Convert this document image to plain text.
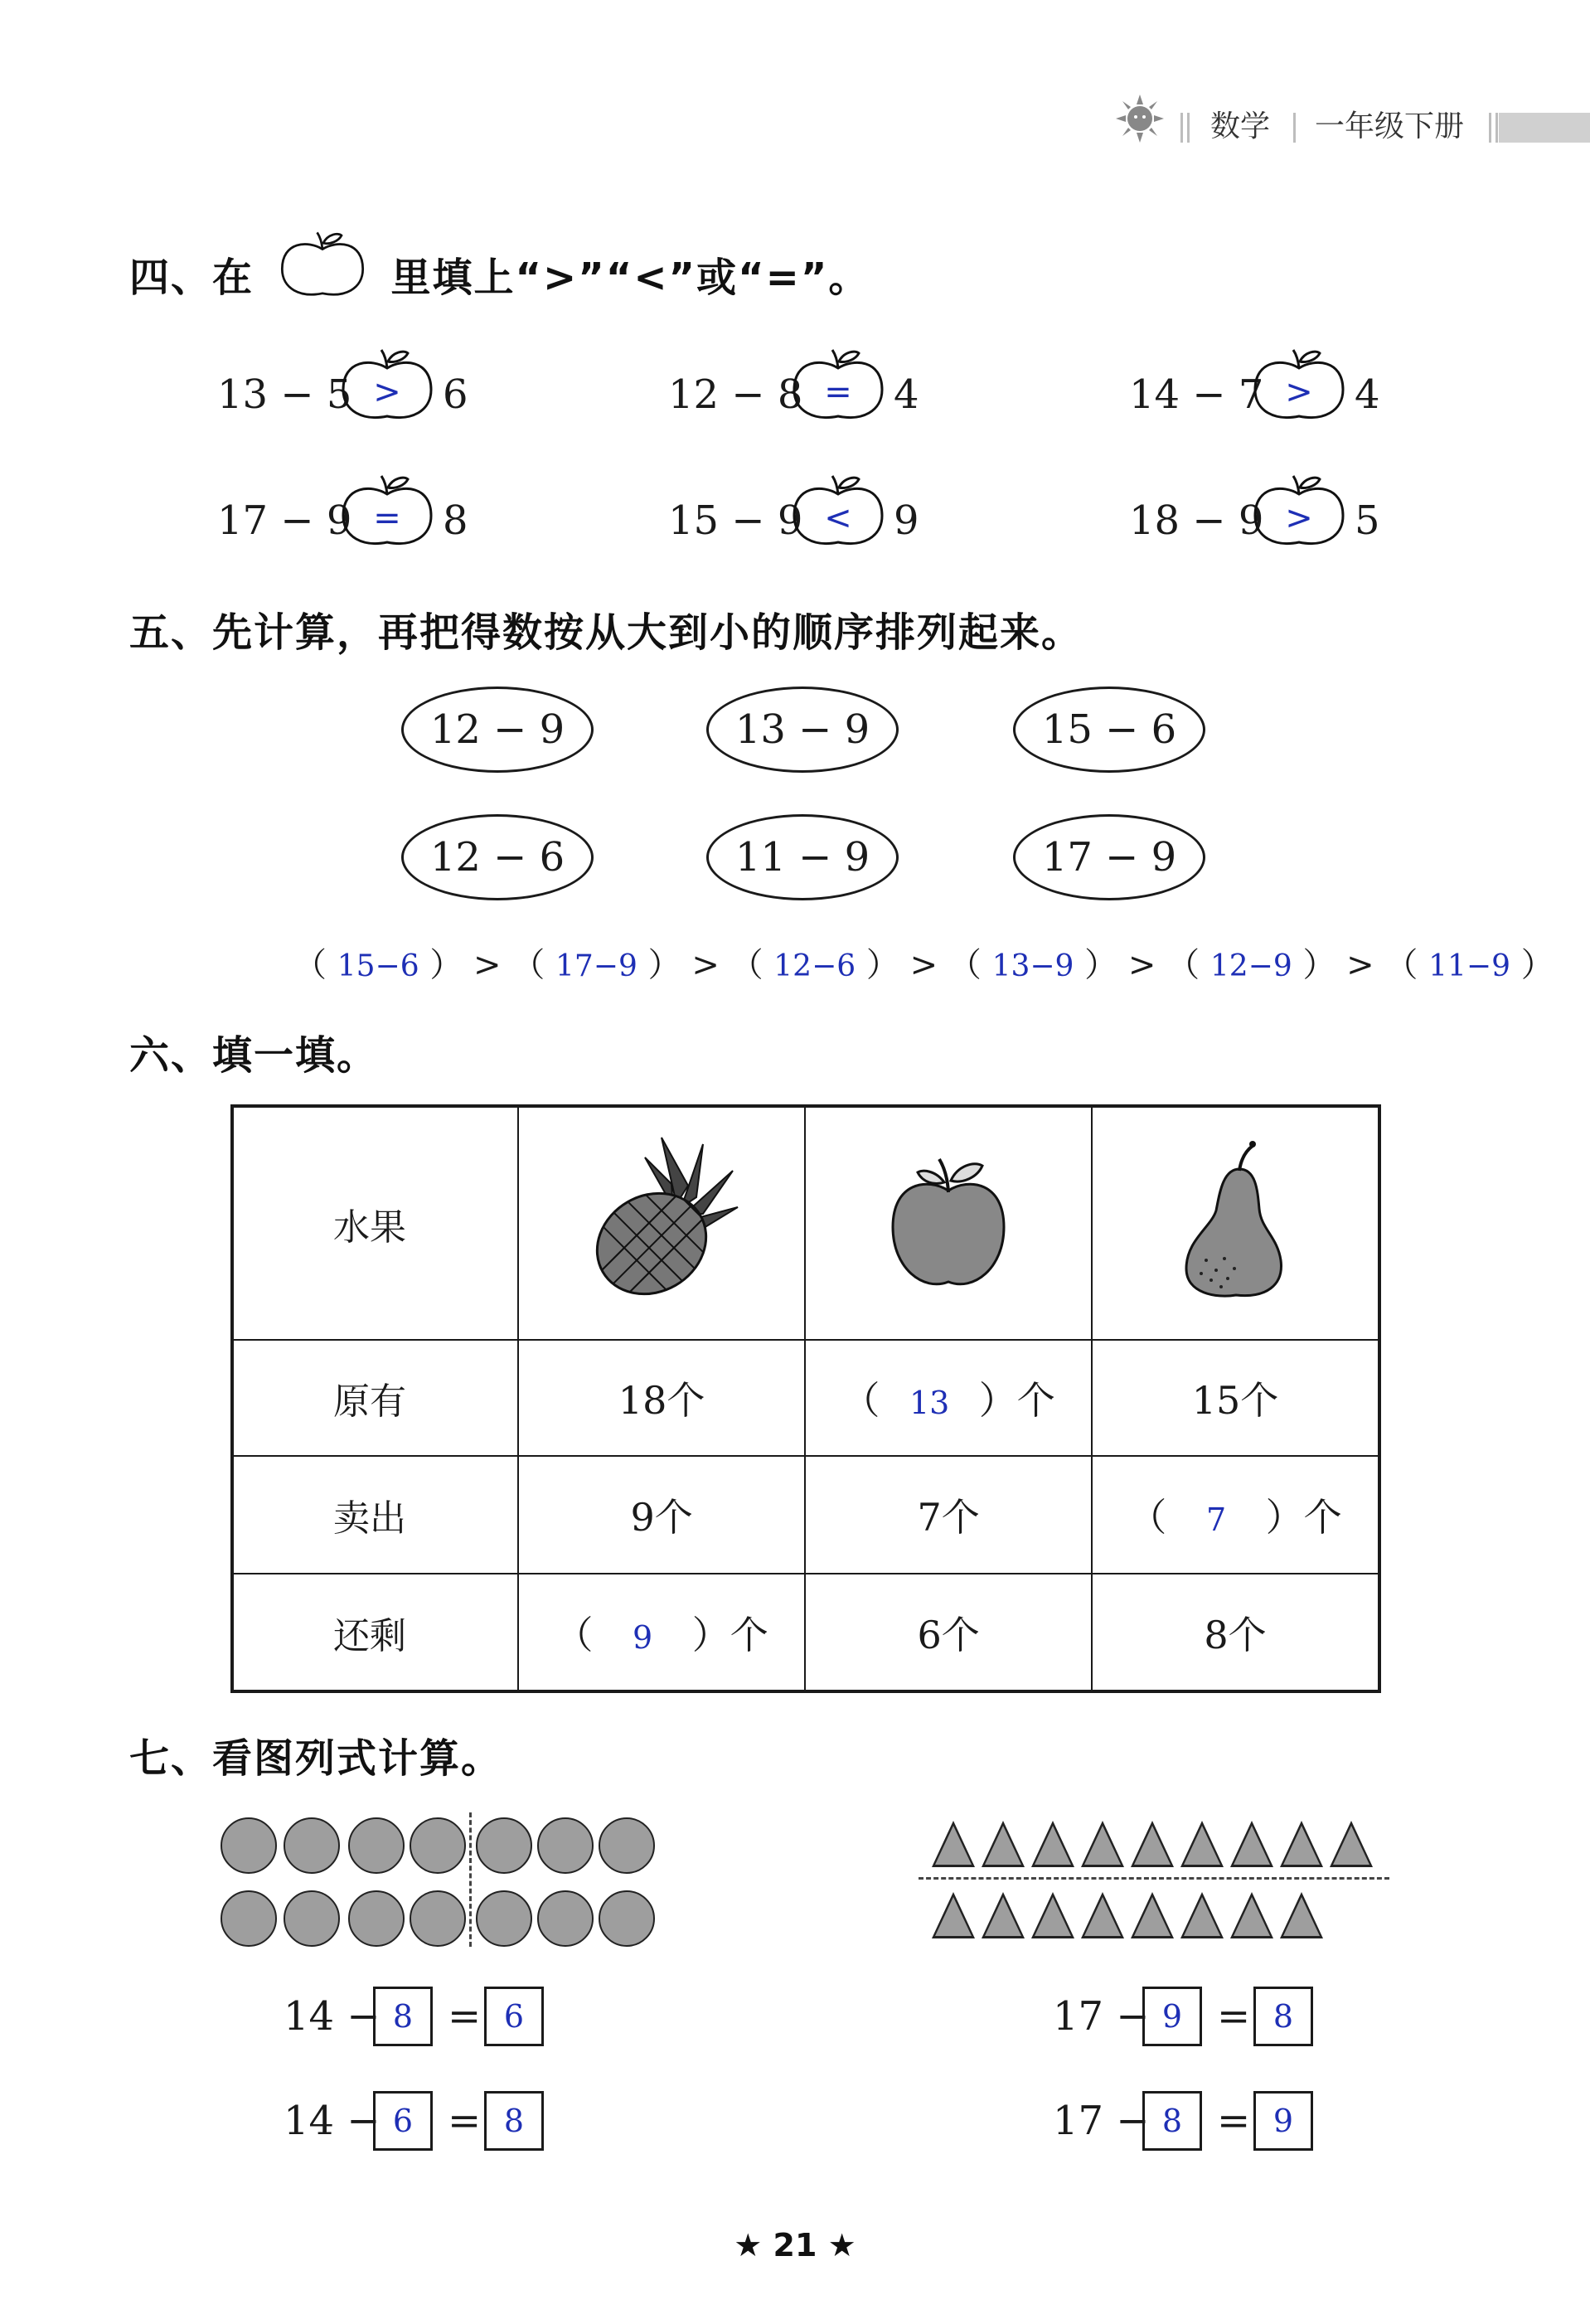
数学 一年级下册
四、在	里填上“>”“<”或“=”。
13 − 5 >	6	12 − 8 =	4	14 − 7 >	4
17 − 9 =	8	15 − 9 <	9	18 − 9 >	5
五、先计算，再把得数按从大到小的顺序排列起来。
12 − 9	13 − 9	15 − 6
12 − 6	11 − 9	17 − 9
（ 15−6 ） > （ 17−9 ） > （ 12−6 ） > （ 13−9 ） > （ 12−9 ） > （ 11−9 ）
六、填一填。
水果			
原有	18个	（ 13 ）个	15个
卖出	9个	7个	（ 7 ）个
还剩	（ 9 ）个	6个	8个
七、看图列式计算。
14 − 8 = 6
14 − 6 = 8
17 − 9 = 8
17 − 8 = 9
★ 21 ★
